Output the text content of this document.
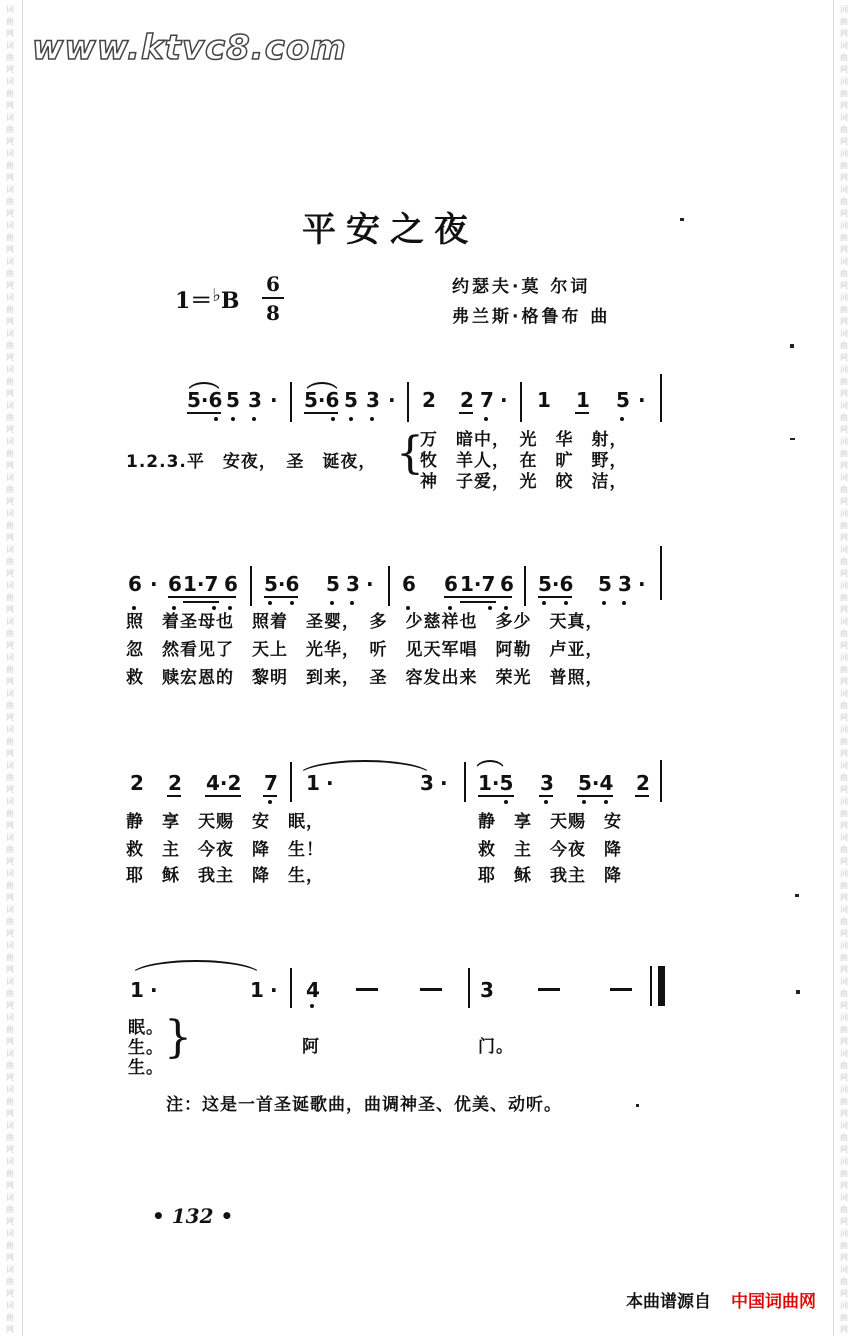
词
曲
网
词
曲
网
词
曲
网
词
曲
网
词
曲
网
词
曲
网
词
曲
网
词
曲
网
词
曲
网
词
曲
网
词
曲
网
词
曲
网
词
曲
网
词
曲
网
词
曲
网
词
曲
网
词
曲
网
词
曲
网
词
曲
网
词
曲
网
词
曲
网
词
曲
网
词
曲
网
词
曲
网
词
曲
网
词
曲
网
词
曲
网
词
曲
网
词
曲
网
词
曲
网
词
曲
网
词
曲
网
词
曲
网
词
曲
网
词
曲
网
词
曲
网
词
曲
网
词
曲
网
词
曲
网
词
曲
网
词
曲
网
词
曲
网
词
曲
网
词
曲
网
词
曲
网
词
曲
网
词
曲
网
词
曲
网
词
曲
网
词
曲
网
词
曲
网
词
曲
网
词
曲
网
词
曲
网
词
曲
网
词
曲
网
词
曲
网
词
曲
网
词
曲
网
词
曲
网
词
曲
网
词
曲
网
词
曲
网
词
曲
网
词
曲
网
词
曲
网
词
曲
网
词
曲
网
词
曲
网
词
曲
网
词
曲
网
词
曲
网
词
曲
网
词
曲
网
www.ktvc8.com
平安之夜
1＝♭B
6
8
约瑟夫·莫 尔词
弗兰斯·格鲁布 曲
5·6 5 3 · 5·6 5 3 · 2 2 7 · 1 1 5 ·
1.2.3.平　安夜，　圣　诞夜， {
万　暗中，　光　华　射，
牧　羊人，　在　旷　野，
神　子爱，　光　皎　洁，
6 · 6 1·7 6 5·6 5 3 · 6 6 1·7 6 5·6 5 3 ·
照　着圣母也　照着　圣婴，　多　少慈祥也　多少　天真，
忽　然看见了　天上　光华，　听　见天军唱　阿勒　卢亚，
救　赎宏恩的　黎明　到来，　圣　容发出来　荣光　普照，
2 2 4·2 7 1 ·	3 · 1·5 3 5·4 2
静　享　天赐　安　眠，	静　享　天赐　安
救　主　今夜　降　生！	救　主　今夜　降
耶　稣　我主　降　生，	耶　稣　我主　降
1 ·	1 · 4	3
眠。
生。
生。
{	阿	门。
注：这是一首圣诞歌曲，曲调神圣、优美、动听。
• 132 •
本曲谱源自 中国词曲网
